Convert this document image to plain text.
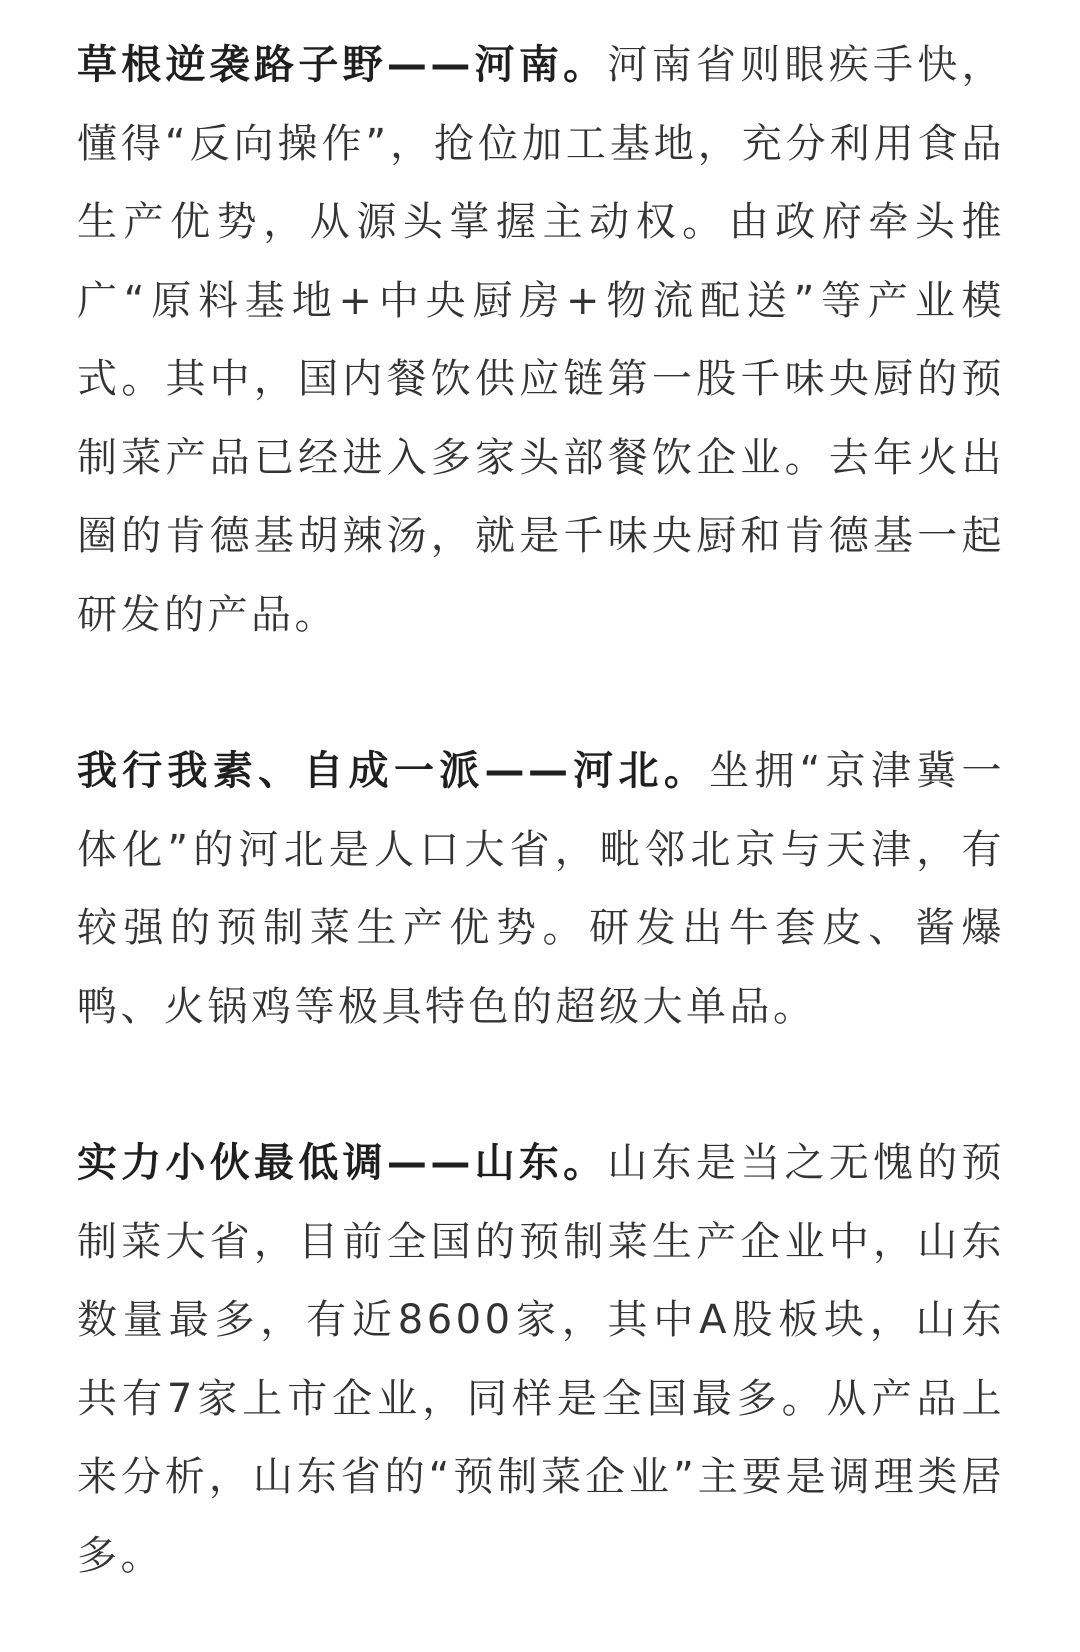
草根逆袭路子野——河南。河南省则眼疾手快，懂得“反向操作”，抢位加工基地，充分利用食品生产优势，从源头掌握主动权。由政府牵头推广“原料基地+中央厨房+物流配送”等产业模式。其中，国内餐饮供应链第一股千味央厨的预制菜产品已经进入多家头部餐饮企业。去年火出圈的肯德基胡辣汤，就是千味央厨和肯德基一起研发的产品。

我行我素、自成一派——河北。坐拥“京津冀一体化”的河北是人口大省，毗邻北京与天津，有较强的预制菜生产优势。研发出牛套皮、酱爆鸭、火锅鸡等极具特色的超级大单品。

实力小伙最低调——山东。山东是当之无愧的预制菜大省，目前全国的预制菜生产企业中，山东数量最多，有近8600家，其中A股板块，山东共有7家上市企业，同样是全国最多。从产品上来分析，山东省的“预制菜企业”主要是调理类居多。
